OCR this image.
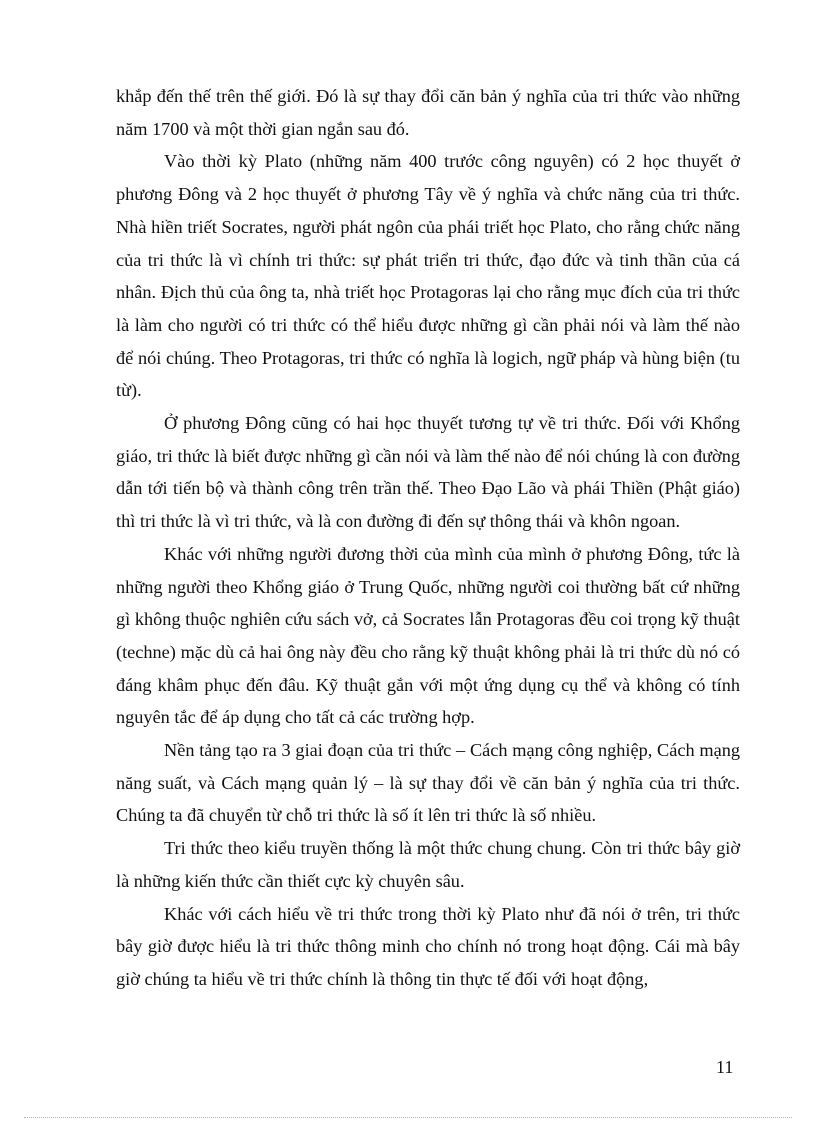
khắp đến thế trên thế giới. Đó là sự thay đổi căn bản ý nghĩa của tri thức vào những năm 1700 và một thời gian ngắn sau đó.

Vào thời kỳ Plato (những năm 400 trước công nguyên) có 2 học thuyết ở phương Đông và 2 học thuyết ở phương Tây về ý nghĩa và chức năng của tri thức. Nhà hiền triết Socrates, người phát ngôn của phái triết học Plato, cho rằng chức năng của tri thức là vì chính tri thức: sự phát triển tri thức, đạo đức và tinh thần của cá nhân. Địch thủ của ông ta, nhà triết học Protagoras lại cho rằng mục đích của tri thức là làm cho người có tri thức có thể hiểu được những gì cần phải nói và làm thế nào để nói chúng. Theo Protagoras, tri thức có nghĩa là logich, ngữ pháp và hùng biện (tu từ).

Ở phương Đông cũng có hai học thuyết tương tự về tri thức. Đối với Khổng giáo, tri thức là biết được những gì cần nói và làm thế nào để nói chúng là con đường dẫn tới tiến bộ và thành công trên trần thế. Theo Đạo Lão và phái Thiền (Phật giáo) thì tri thức là vì tri thức, và là con đường đi đến sự thông thái và khôn ngoan.

Khác với những người đương thời của mình của mình ở phương Đông, tức là những người theo Khổng giáo ở Trung Quốc, những người coi thường bất cứ những gì không thuộc nghiên cứu sách vở, cả Socrates lẫn Protagoras đều coi trọng kỹ thuật (techne) mặc dù cả hai ông này đều cho rằng kỹ thuật không phải là tri thức dù nó có đáng khâm phục đến đâu. Kỹ thuật gắn với một ứng dụng cụ thể và không có tính nguyên tắc để áp dụng cho tất cả các trường hợp.

Nền tảng tạo ra 3 giai đoạn của tri thức – Cách mạng công nghiệp, Cách mạng năng suất, và Cách mạng quản lý – là sự thay đổi về căn bản ý nghĩa của tri thức. Chúng ta đã chuyển từ chỗ tri thức là số ít lên tri thức là số nhiều.

Tri thức theo kiểu truyền thống là một thức chung chung. Còn tri thức bây giờ là những kiến thức cần thiết cực kỳ chuyên sâu.

Khác với cách hiểu về tri thức trong thời kỳ Plato như đã nói ở trên, tri thức bây giờ được hiểu là tri thức thông minh cho chính nó trong hoạt động. Cái mà bây giờ chúng ta hiểu về tri thức chính là thông tin thực tế đối với hoạt động,

11
